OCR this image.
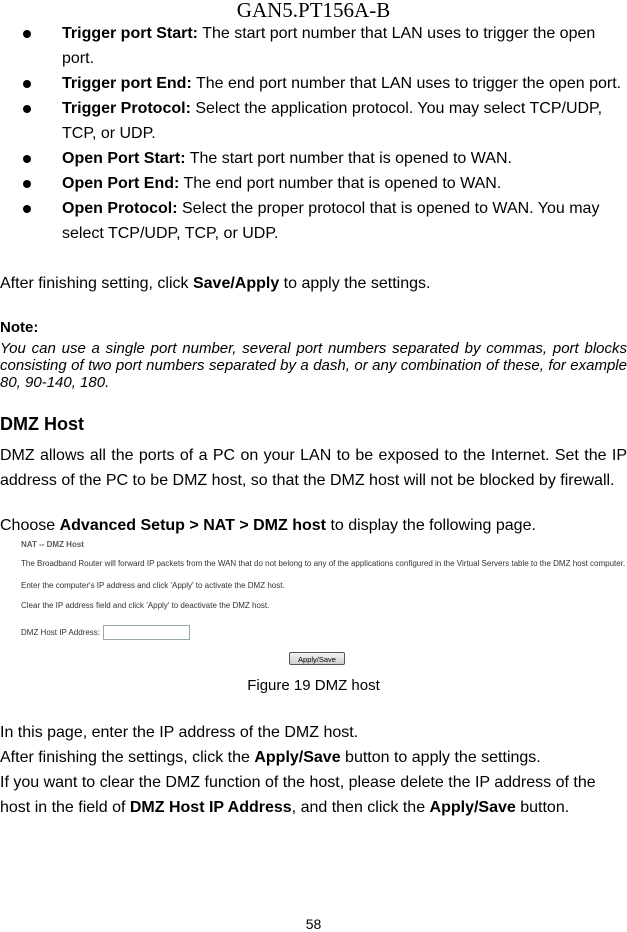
GAN5.PT156A-B
Trigger port Start: The start port number that LAN uses to trigger the open port.
Trigger port End: The end port number that LAN uses to trigger the open port.
Trigger Protocol: Select the application protocol. You may select TCP/UDP, TCP, or UDP.
Open Port Start: The start port number that is opened to WAN.
Open Port End: The end port number that is opened to WAN.
Open Protocol: Select the proper protocol that is opened to WAN. You may select TCP/UDP, TCP, or UDP.
After finishing setting, click Save/Apply to apply the settings.
Note:
You can use a single port number, several port numbers separated by commas, port blocks consisting of two port numbers separated by a dash, or any combination of these, for example 80, 90-140, 180.
DMZ Host
DMZ allows all the ports of a PC on your LAN to be exposed to the Internet. Set the IP address of the PC to be DMZ host, so that the DMZ host will not be blocked by firewall.
Choose Advanced Setup > NAT > DMZ host to display the following page.
NAT -- DMZ Host
The Broadband Router will forward IP packets from the WAN that do not belong to any of the applications configured in the Virtual Servers table to the DMZ host computer.
Enter the computer's IP address and click 'Apply' to activate the DMZ host.
Clear the IP address field and click 'Apply' to deactivate the DMZ host.
DMZ Host IP Address:
Apply/Save
Figure 19 DMZ host
In this page, enter the IP address of the DMZ host.
After finishing the settings, click the Apply/Save button to apply the settings.
If you want to clear the DMZ function of the host, please delete the IP address of the host in the field of DMZ Host IP Address, and then click the Apply/Save button.
58
